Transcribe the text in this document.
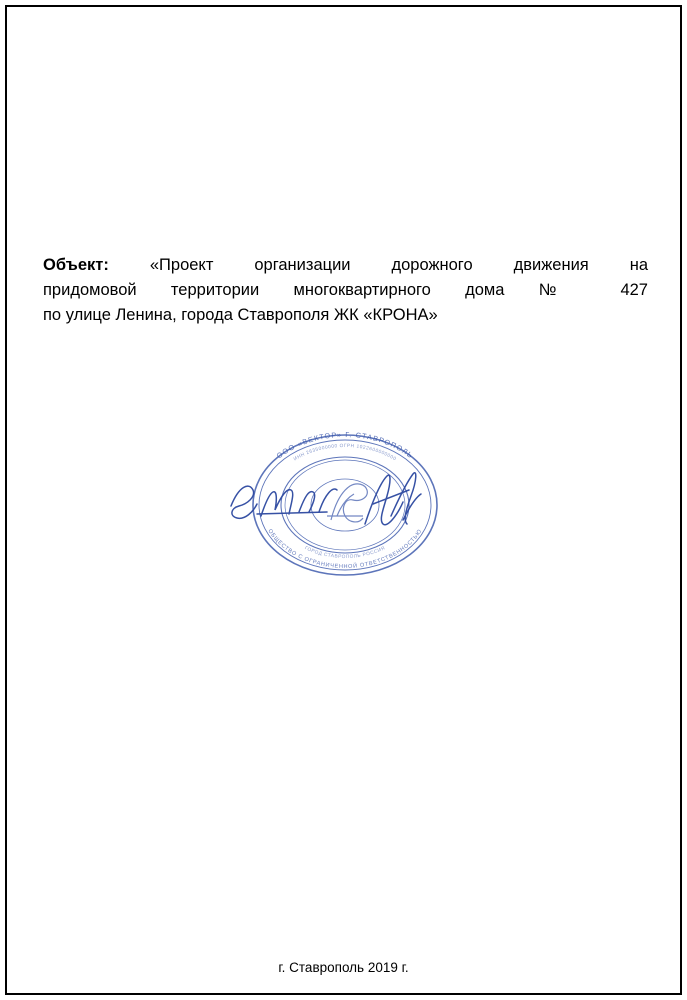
Объект: «Проект организации дорожного движения на
придомовой территории многоквартирного дома № 427
по улице Ленина, города Ставрополя ЖК «КРОНА»
ООО «ВЕКТОР» Г. СТАВРОПОЛЬ
ОБЩЕСТВО С ОГРАНИЧЕННОЙ ОТВЕТСТВЕННОСТЬЮ
ИНН 2635000000 ОГРН 1022600000000
ГОРОД СТАВРОПОЛЬ РОССИЯ
г. Ставрополь 2019 г.
